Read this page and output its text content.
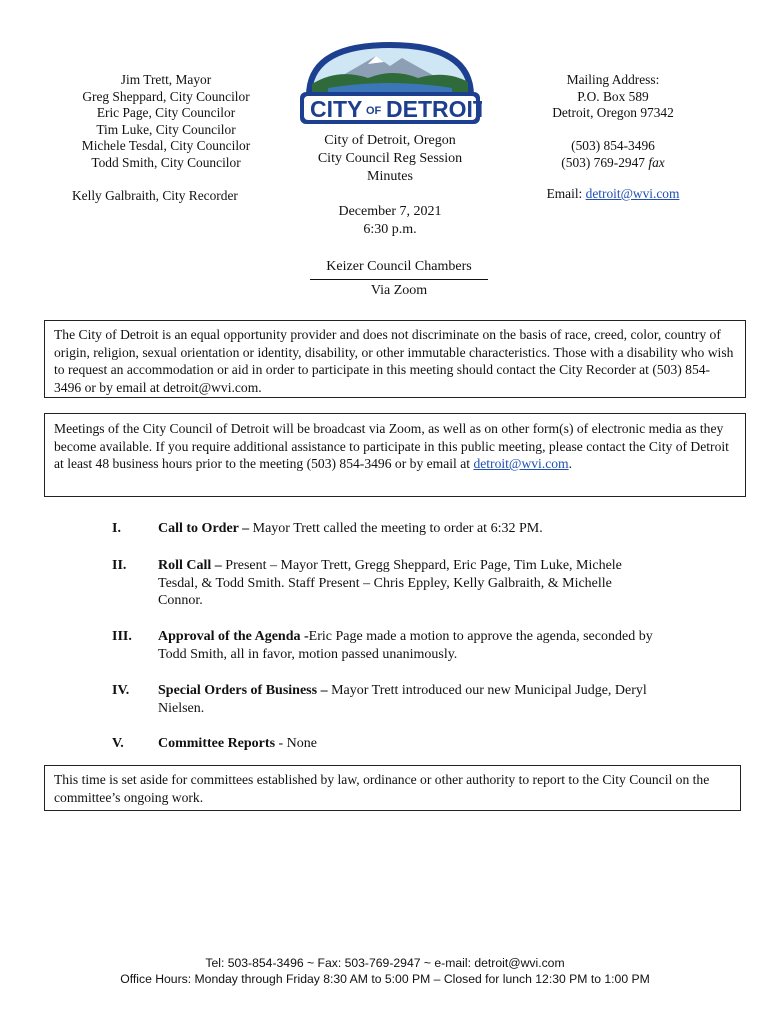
Jim Trett, Mayor
Greg Sheppard, City Councilor
Eric Page, City Councilor
Tim Luke, City Councilor
Michele Tesdal, City Councilor
Todd Smith, City Councilor
Kelly Galbraith, City Recorder
CITY OF DETROIT
City of Detroit, Oregon
City Council Reg Session
Minutes
December 7, 2021
6:30 p.m.
Keizer Council Chambers
Via Zoom
Mailing Address:
P.O. Box 589
Detroit, Oregon 97342
(503) 854-3496
(503) 769-2947 fax
Email: detroit@wvi.com
The City of Detroit is an equal opportunity provider and does not discriminate on the basis of race, creed, color, country of origin, religion, sexual orientation or identity, disability, or other immutable characteristics. Those with a disability who wish to request an accommodation or aid in order to participate in this meeting should contact the City Recorder at (503) 854-3496 or by email at detroit@wvi.com.
Meetings of the City Council of Detroit will be broadcast via Zoom, as well as on other form(s) of electronic media as they become available. If you require additional assistance to participate in this public meeting, please contact the City of Detroit at least 48 business hours prior to the meeting (503) 854-3496 or by email at detroit@wvi.com.
I.	Call to Order – Mayor Trett called the meeting to order at 6:32 PM.
II. Roll Call – Present – Mayor Trett, Gregg Sheppard, Eric Page, Tim Luke, Michele Tesdal, & Todd Smith. Staff Present – Chris Eppley, Kelly Galbraith, & Michelle Connor.
III. Approval of the Agenda -Eric Page made a motion to approve the agenda, seconded by Todd Smith, all in favor, motion passed unanimously.
IV. Special Orders of Business – Mayor Trett introduced our new Municipal Judge, Deryl Nielsen.
V. Committee Reports - None
This time is set aside for committees established by law, ordinance or other authority to report to the City Council on the committee’s ongoing work.
Tel: 503-854-3496 ~ Fax: 503-769-2947 ~ e-mail: detroit@wvi.com
Office Hours: Monday through Friday 8:30 AM to 5:00 PM – Closed for lunch 12:30 PM to 1:00 PM
